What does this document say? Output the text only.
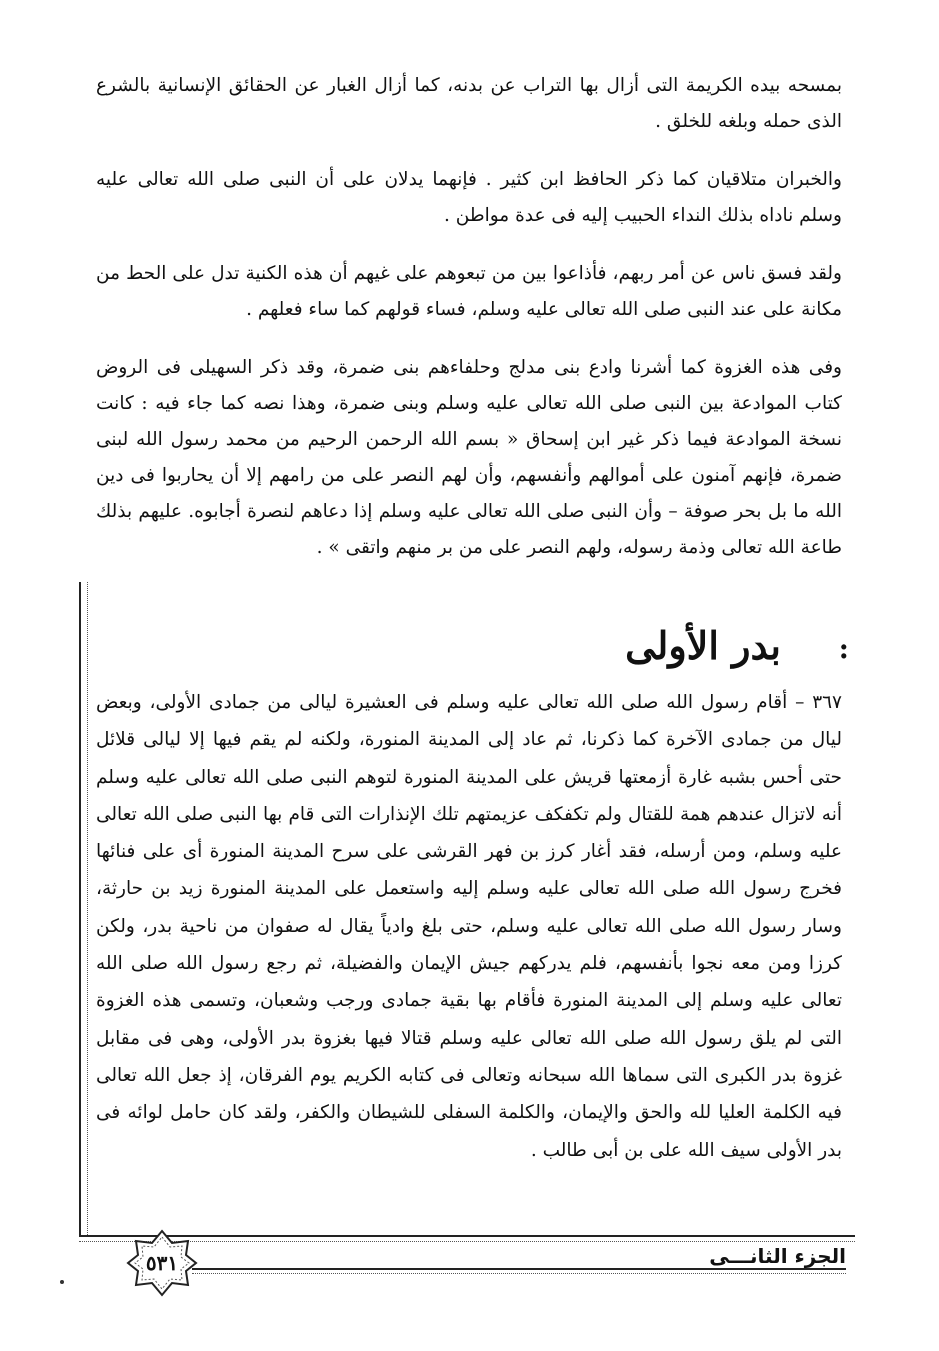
بمسحه بيده الكريمة التى أزال بها التراب عن بدنه، كما أزال الغبار عن الحقائق الإنسانية بالشرع الذى حمله وبلغه للخلق .

والخبران متلاقيان كما ذكر الحافظ ابن كثير . فإنهما يدلان على أن النبى صلى الله تعالى عليه وسلم ناداه بذلك النداء الحبيب إليه فى عدة مواطن .

ولقد فسق ناس عن أمر ربهم، فأذاعوا بين من تبعوهم على غيهم أن هذه الكنية تدل على الحط من مكانة على عند النبى صلى الله تعالى عليه وسلم، فساء قولهم كما ساء فعلهم .

وفى هذه الغزوة كما أشرنا وادع بنى مدلج وحلفاءهم بنى ضمرة، وقد ذكر السهيلى فى الروض كتاب الموادعة بين النبى صلى الله تعالى عليه وسلم وبنى ضمرة، وهذا نصه كما جاء فيه : كانت نسخة الموادعة فيما ذكر غير ابن إسحاق « بسم الله الرحمن الرحيم من محمد رسول الله لبنى ضمرة، فإنهم آمنون على أموالهم وأنفسهم، وأن لهم النصر على من رامهم إلا أن يحاربوا فى دين الله ما بل بحر صوفة – وأن النبى صلى الله تعالى عليه وسلم إذا دعاهم لنصرة أجابوه. عليهم بذلك طاعة الله تعالى وذمة رسوله، ولهم النصر على من بر منهم واتقى » .

بدر الأولى :

٣٦٧ – أقام رسول الله صلى الله تعالى عليه وسلم فى العشيرة ليالى من جمادى الأولى، وبعض ليال من جمادى الآخرة كما ذكرنا، ثم عاد إلى المدينة المنورة، ولكنه لم يقم فيها إلا ليالى قلائل حتى أحس بشبه غارة أزمعتها قريش على المدينة المنورة لتوهم النبى صلى الله تعالى عليه وسلم أنه لاتزال عندهم همة للقتال ولم تكفكف عزيمتهم تلك الإنذارات التى قام بها النبى صلى الله تعالى عليه وسلم، ومن أرسله، فقد أغار كرز بن فهر القرشى على سرح المدينة المنورة أى على فنائها فخرج رسول الله صلى الله تعالى عليه وسلم إليه واستعمل على المدينة المنورة زيد بن حارثة، وسار رسول الله صلى الله تعالى عليه وسلم، حتى بلغ وادياً يقال له صفوان من ناحية بدر، ولكن كرزا ومن معه نجوا بأنفسهم، فلم يدركهم جيش الإيمان والفضيلة، ثم رجع رسول الله صلى الله تعالى عليه وسلم إلى المدينة المنورة فأقام بها بقية جمادى ورجب وشعبان، وتسمى هذه الغزوة التى لم يلق رسول الله صلى الله تعالى عليه وسلم قتالا فيها بغزوة بدر الأولى، وهى فى مقابل غزوة بدر الكبرى التى سماها الله سبحانه وتعالى فى كتابه الكريم يوم الفرقان، إذ جعل الله تعالى فيه الكلمة العليا لله والحق والإيمان، والكلمة السفلى للشيطان والكفر، ولقد كان حامل لوائه فى بدر الأولى سيف الله على بن أبى طالب .

٥٣١	الجزء الثانـــى
